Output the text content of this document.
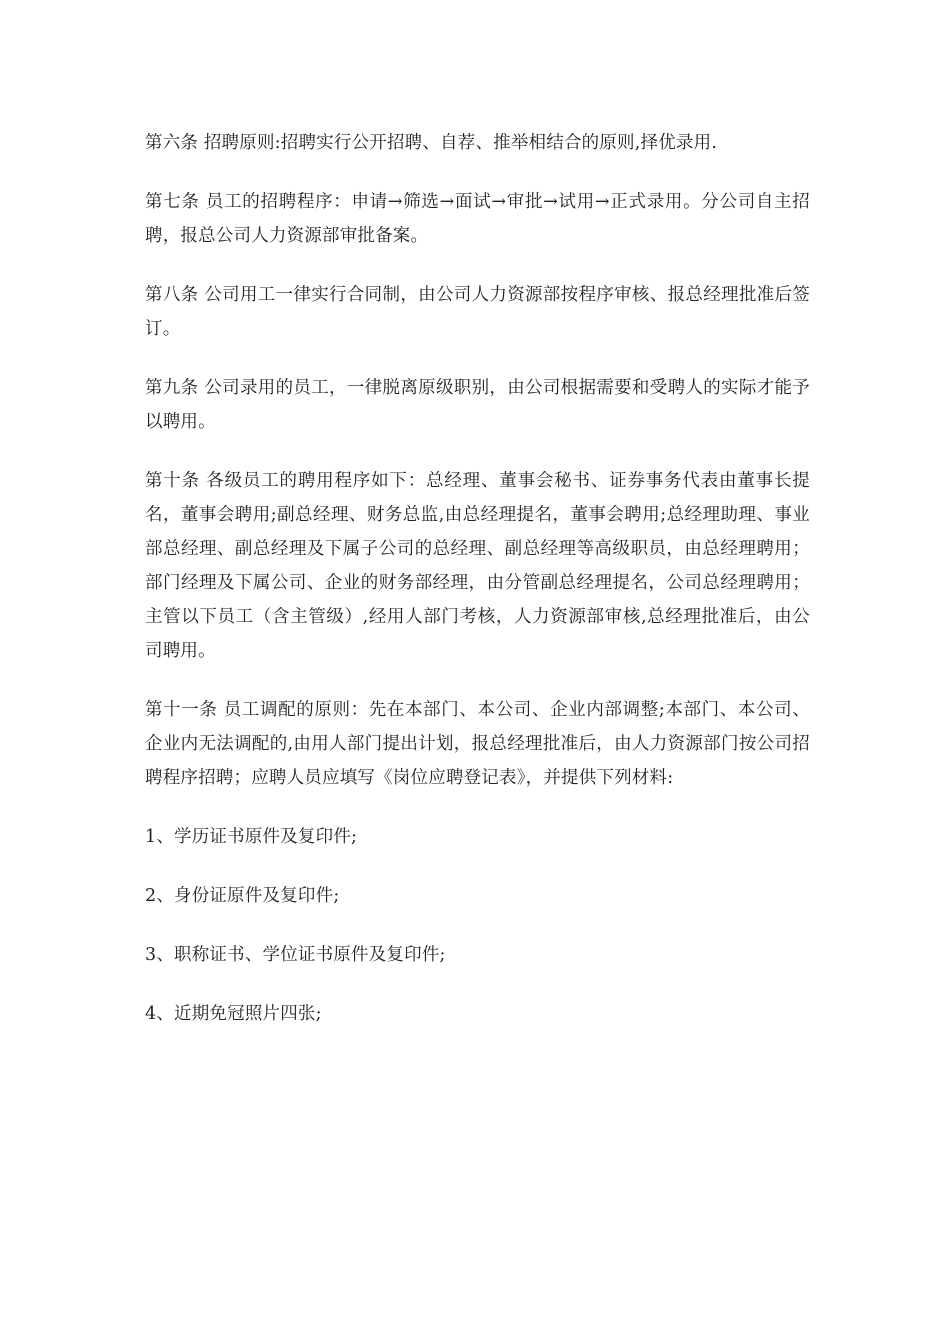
第六条 招聘原则:招聘实行公开招聘、自荐、推举相结合的原则,择优录用.

第七条 员工的招聘程序：申请→筛选→面试→审批→试用→正式录用。分公司自主招聘，报总公司人力资源部审批备案。

第八条 公司用工一律实行合同制，由公司人力资源部按程序审核、报总经理批准后签订。

第九条 公司录用的员工，一律脱离原级职别，由公司根据需要和受聘人的实际才能予以聘用。

第十条 各级员工的聘用程序如下：总经理、董事会秘书、证券事务代表由董事长提名，董事会聘用;副总经理、财务总监,由总经理提名，董事会聘用;总经理助理、事业部总经理、副总经理及下属子公司的总经理、副总经理等高级职员，由总经理聘用；部门经理及下属公司、企业的财务部经理，由分管副总经理提名，公司总经理聘用；主管以下员工（含主管级）,经用人部门考核，人力资源部审核,总经理批准后，由公司聘用。

第十一条 员工调配的原则：先在本部门、本公司、企业内部调整;本部门、本公司、企业内无法调配的,由用人部门提出计划，报总经理批准后，由人力资源部门按公司招聘程序招聘；应聘人员应填写《岗位应聘登记表》，并提供下列材料:

1、学历证书原件及复印件;

2、身份证原件及复印件;

3、职称证书、学位证书原件及复印件;

4、近期免冠照片四张;
